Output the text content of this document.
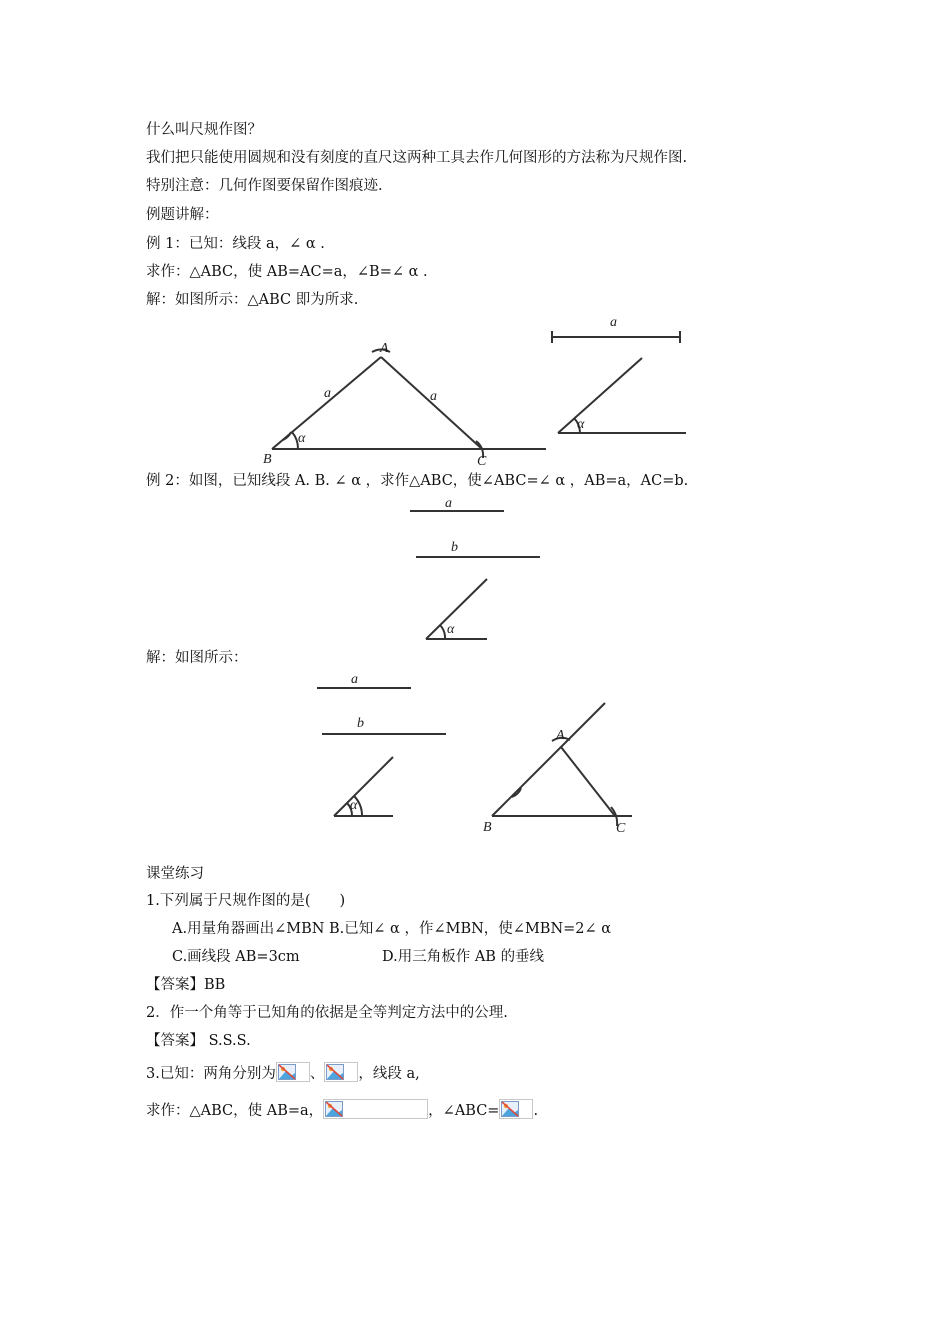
什么叫尺规作图？
我们把只能使用圆规和没有刻度的直尺这两种工具去作几何图形的方法称为尺规作图.
特别注意：几何作图要保留作图痕迹.
例题讲解：
例 1：已知：线段 a，∠ α .
求作：△ABC，使 AB=AC=a，∠B=∠ α .
解：如图所示：△ABC 即为所求.
A
B	C
a	a
α
a
α
例 2：如图，已知线段 A. B. ∠ α ，求作△ABC，使∠ABC=∠ α ，AB=a，AC=b.
a
b
α
解：如图所示：
a
b
α
A
B	C
课堂练习
1.下列属于尺规作图的是(　　)
A.用量角器画出∠MBN B.已知∠ α ，作∠MBN，使∠MBN=2∠ α
C.画线段 AB=3cm	D.用三角板作 AB 的垂线
【答案】BB
2．作一个角等于已知角的依据是全等判定方法中的公理.
【答案】 S.S.S.
3.已知：两角分别为 、 ，线段 a,
求作：△ABC，使 AB=a，	，∠ABC= .
